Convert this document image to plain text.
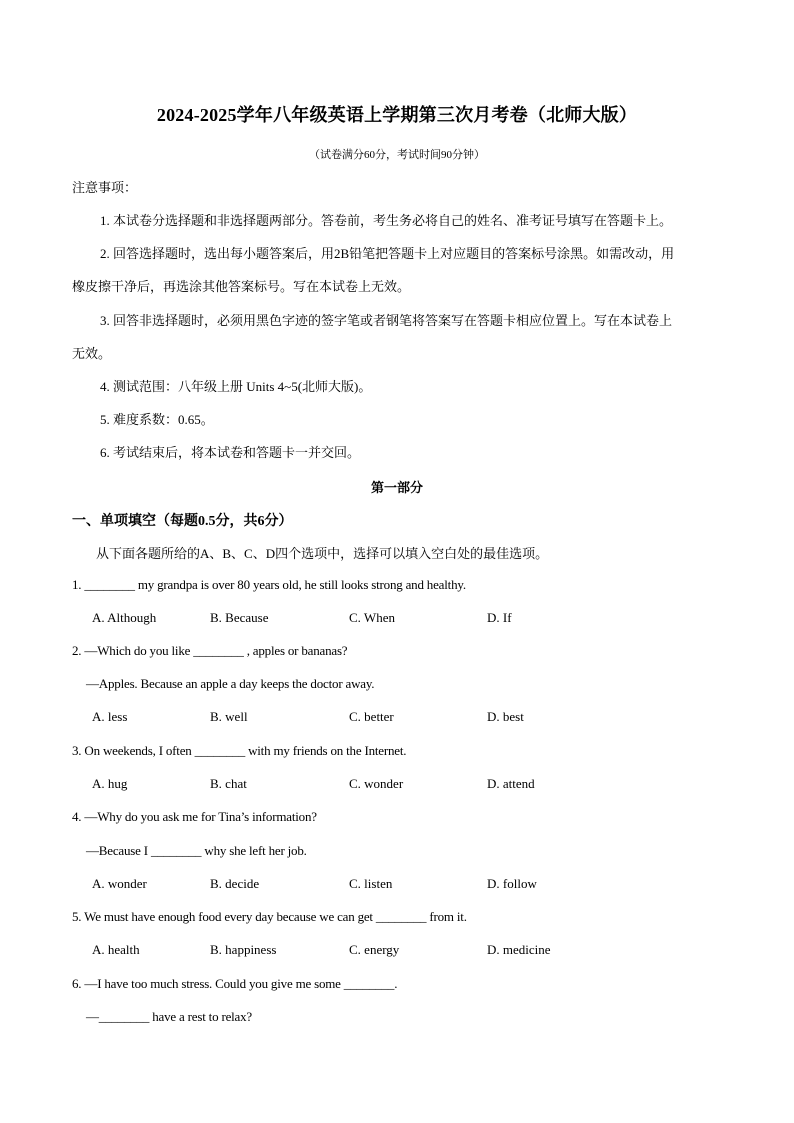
2024-2025学年八年级英语上学期第三次月考卷（北师大版）
（试卷满分60分，考试时间90分钟）
注意事项：
1. 本试卷分选择题和非选择题两部分。答卷前，考生务必将自己的姓名、准考证号填写在答题卡上。
2. 回答选择题时，选出每小题答案后，用2B铅笔把答题卡上对应题目的答案标号涂黑。如需改动，用
橡皮擦干净后，再选涂其他答案标号。写在本试卷上无效。
3. 回答非选择题时，必须用黑色字迹的签字笔或者钢笔将答案写在答题卡相应位置上。写在本试卷上
无效。
4. 测试范围：八年级上册 Units 4~5(北师大版)。
5. 难度系数：0.65。
6. 考试结束后，将本试卷和答题卡一并交回。
第一部分
一、单项填空（每题0.5分，共6分）
从下面各题所给的A、B、C、D四个选项中，选择可以填入空白处的最佳选项。
1. ________ my grandpa is over 80 years old, he still looks strong and healthy.
A. Although	B. Because	C. When	D. If
2. —Which do you like ________ , apples or bananas?
—Apples. Because an apple a day keeps the doctor away.
A. less	B. well	C. better	D. best
3. On weekends, I often ________ with my friends on the Internet.
A. hug	B. chat	C. wonder	D. attend
4. —Why do you ask me for Tina’s information?
—Because I ________ why she left her job.
A. wonder	B. decide	C. listen	D. follow
5. We must have enough food every day because we can get ________ from it.
A. health	B. happiness	C. energy	D. medicine
6. —I have too much stress. Could you give me some ________.
—________ have a rest to relax?
